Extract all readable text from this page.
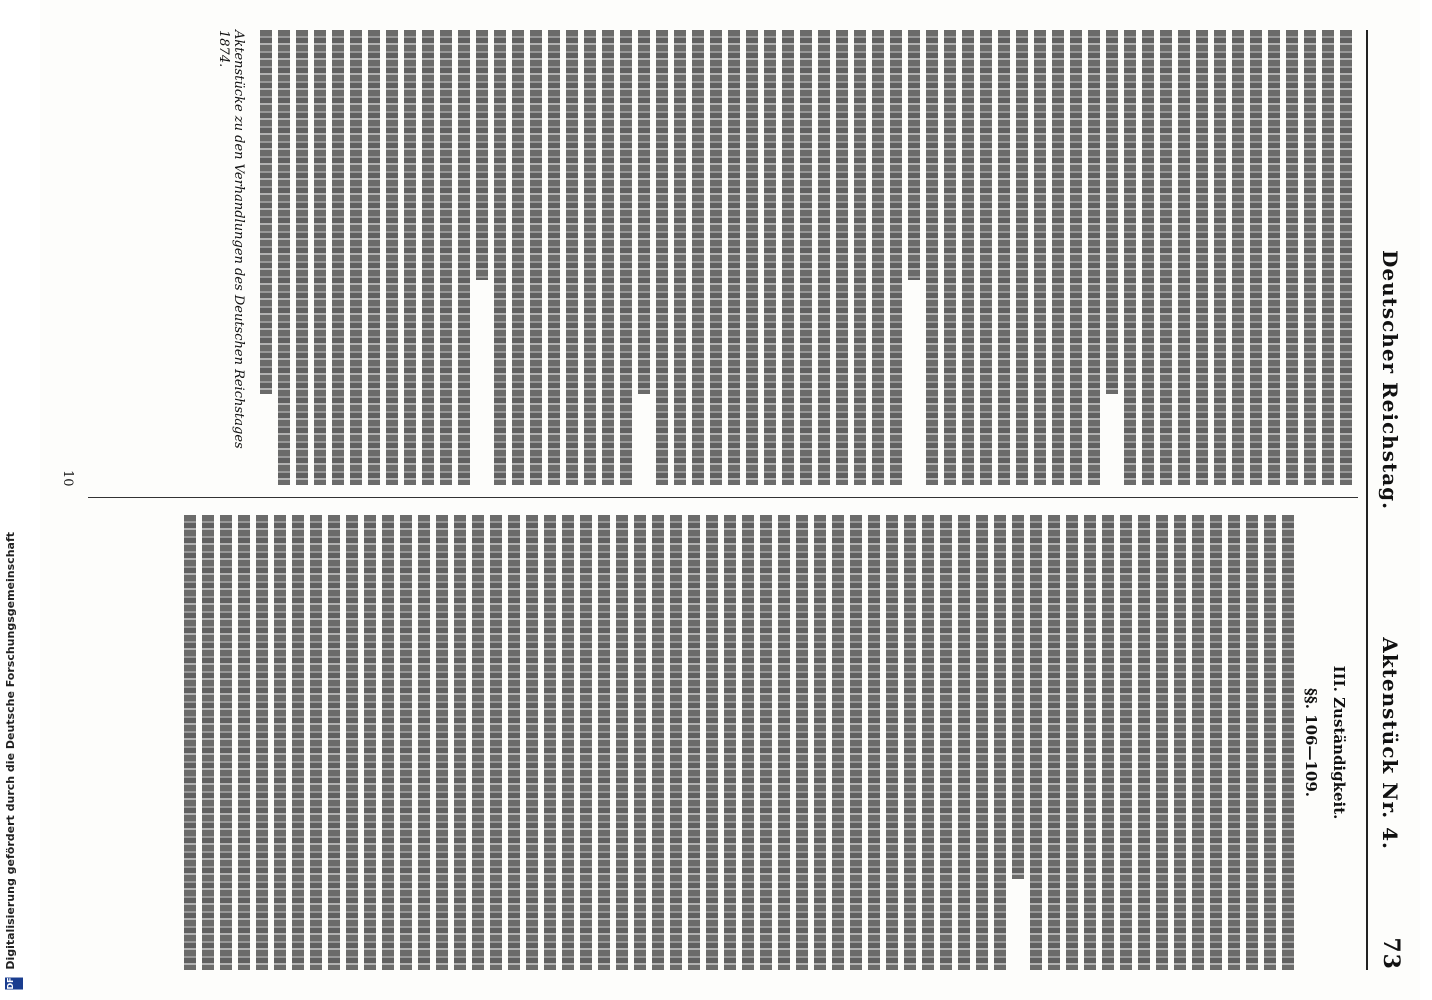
Deutscher Reichstag.
Aktenstück Nr. 4.
73
Aktenstücke zu den Verhandlungen des Deutschen Reichstages 1874.
III. Zuständigkeit.
§§. 106—109.
10
DFG Digitalisierung gefördert durch die Deutsche Forschungsgemeinschaft
